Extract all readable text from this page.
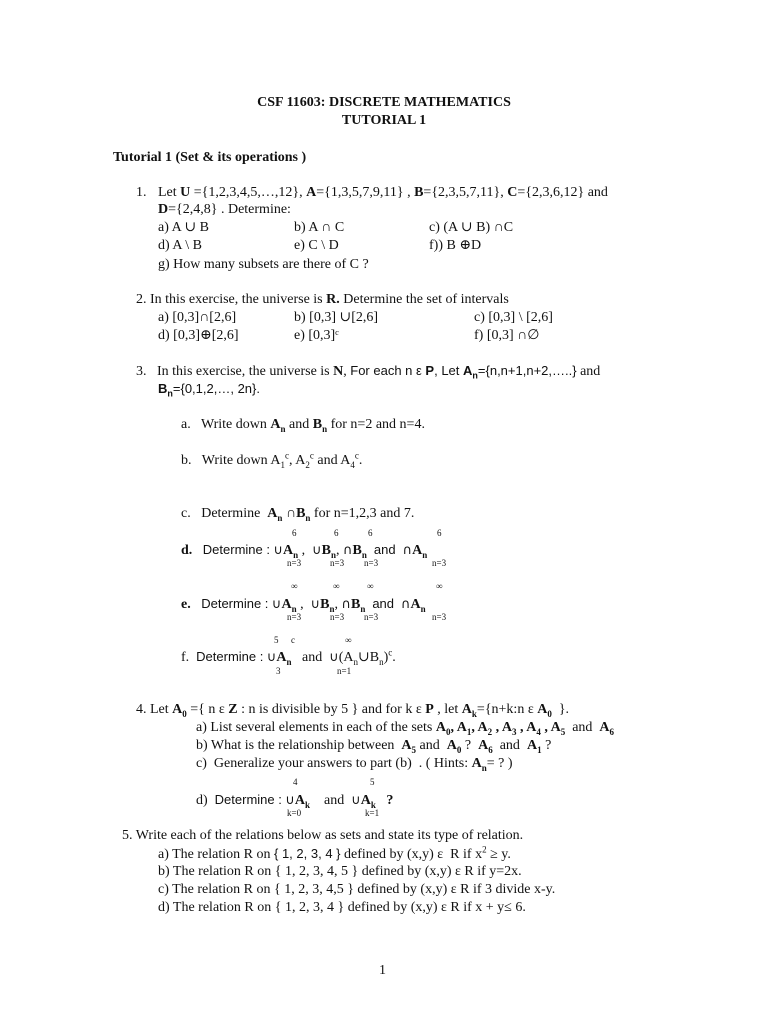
CSF 11603: DISCRETE MATHEMATICS
TUTORIAL 1
Tutorial 1 (Set & its operations )
1. Let U ={1,2,3,4,5,…,12}, A={1,3,5,7,9,11} , B={2,3,5,7,11}, C={2,3,6,12} and
D={2,4,8} . Determine:
a) A ∪ B	b) A ∩ C	c) (A ∪ B) ∩C
d) A \ B	e) C \ D	f)) B ⊕D
g) How many subsets are there of C ?
2. In this exercise, the universe is R. Determine the set of intervals
a) [0,3]∩[2,6]	b) [0,3] ∪[2,6]	c) [0,3] \ [2,6]
d) [0,3]⊕[2,6]	e) [0,3]ᶜ	f) [0,3] ∩∅
3.   In this exercise, the universe is N, For each n ε P, Let $A_n=\{n,n+1,n+2,\dots..\}$ and
$B_n=\{0,1,2,\dots$, 2n}.
a.   Write down $A_n$ and $B_n$ for n=2 and n=4.
b.   Write down $A_1^c$, $A_2^c$ and $A_4^c$.
c.   Determine  $A_n$ $\cap B_n$ for n=1,2,3 and 7.
6	6	6	6
d. Determine : $\cup A_n$ ,  $\cup B_n$, $\cap B_n$ and $\cap A_n$
n=3	n=3 n=3	n=3
∞	∞	∞	∞
e. Determine : $\cup A_n$ ,  $\cup B_n$, $\cap B_n$ and $\cap A_n$
n=3	n=3 n=3	n=3
5 c	∞
f.  Determine : $\cup A_n$   and  $\cup(A_n\cup B_n)^c$.
3	n=1
4. Let $A_0$ ={ n ε Z : n is divisible by 5 } and for k ε P , let $A_k=\{n+k:n$ ε $A_0$  }.
a) List several elements in each of the sets $A_0$, $A_1$, $A_2$ , $A_3$ , $A_4$ , $A_5$  and  $A_6$
b) What is the relationship between  $A_5$ and  $A_0$ ?  $A_6$  and  $A_1$ ?
c)  Generalize your answers to part (b)  . ( Hints: $A_n=$ ? )
4	5
d)  Determine : $\cup A_k$    and  $\cup A_k$ ?
k=0	k=1
5. Write each of the relations below as sets and state its type of relation.
a) The relation R on { 1, 2, 3, 4 } defined by (x,y) ε  R if $x^2 \ge y$.
b) The relation R on { 1, 2, 3, 4, 5 } defined by (x,y) ε R if y=2x.
c) The relation R on { 1, 2, 3, 4,5 } defined by (x,y) ε R if 3 divide x-y.
d) The relation R on { 1, 2, 3, 4 } defined by (x,y) ε R if x + y≤ 6.
1
